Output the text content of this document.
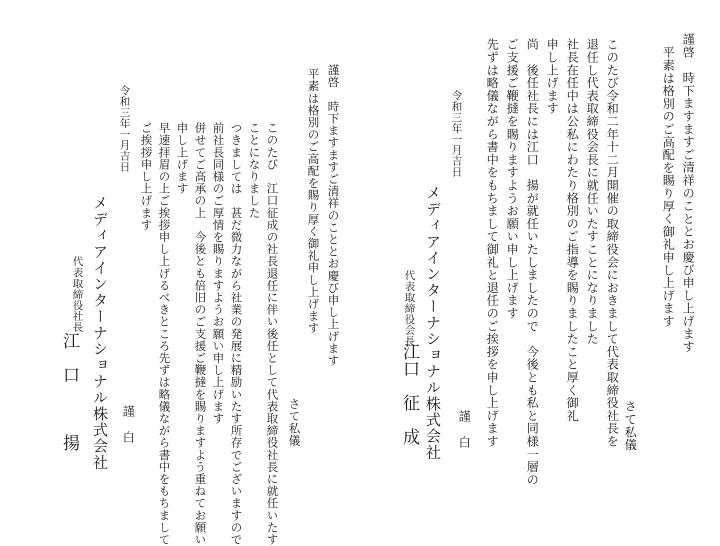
謹啓　時下ますますご清祥のこととお慶び申し上げます
平素は格別のご高配を賜り厚く御礼申し上げます
さて私儀
このたび令和二年十二月開催の取締役会におきまして代表取締役社長を
退任し代表取締役会長に就任いたすことになりました
社長在任中は公私にわたり格別のご指導を賜りましたこと厚く御礼
申し上げます
尚　後任社長には江口　揚が就任いたしましたので　今後とも私と同様一層の
ご支援ご鞭撻を賜りますようお願い申し上げます
先ずは略儀ながら書中をもちまして御礼と退任のご挨拶を申し上げます
謹　白
令和三年一月吉日
メディアインターナショナル株式会社
代表取締役会長
江口　征　成
謹啓　時下ますますご清祥のこととお慶び申し上げます
平素は格別のご高配を賜り厚く御礼申し上げます
さて私儀
このたび　江口征成の社長退任に伴い後任として代表取締役社長に就任いたす
ことになりました
つきましては　甚だ微力ながら社業の発展に精励いたす所存でございますので
前社長同様のご厚情を賜りますようお願い申し上げます
併せてご高承の上　今後とも倍旧のご支援ご鞭撻を賜りますよう重ねてお願い
申し上げます
早速拝眉の上ご挨拶申し上げるべきところ先ずは略儀ながら書中をもちまして
ご挨拶申し上げます
謹　白
令和三年一月吉日
メディアインターナショナル株式会社
代表取締役社長
江　口　　　揚
